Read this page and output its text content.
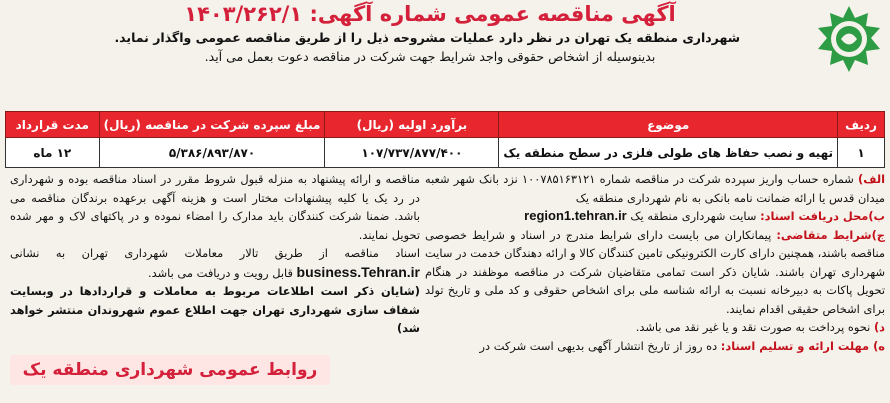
آگهی مناقصه عمومی شماره آگهی: ۱۴۰۳/۲۶۲/۱
شهرداری منطقه یک تهران در نظر دارد عملیات مشروحه ذیل را از طریق مناقصه عمومی واگذار نماید.
بدینوسیله از اشخاص حقوقی واجد شرایط جهت شرکت در مناقصه دعوت بعمل می آید.
ردیف	موضوع	برآورد اولیه (ریال)	مبلغ سپرده شرکت در مناقصه (ریال)	مدت قرارداد
۱	تهیه و نصب حفاظ های طولی فلزی در سطح منطقه یک	۱۰۷/۷۳۷/۸۷۷/۴۰۰	۵/۳۸۶/۸۹۳/۸۷۰	۱۲ ماه

الف) شماره حساب واریز سپرده شرکت در مناقصه شماره ۱۰۰۷۸۵۱۶۳۱۲۱ نزد بانک شهر شعبه میدان قدس یا ارائه ضمانت نامه بانکی به نام شهرداری منطقه یک

ب)محل دریافت اسناد: سایت شهرداری منطقه یک region1.tehran.ir

ج)شرایط متقاضی: پیمانکاران می بایست دارای شرایط مندرج در اسناد و شرایط خصوصی مناقصه باشند، همچنین دارای کارت الکترونیکی تامین کنندگان کالا و ارائه دهندگان خدمت در سایت شهرداری تهران باشند. شایان ذکر است تمامی متقاضیان شرکت در مناقصه موظفند در هنگام تحویل پاکات به دبیرخانه نسبت به ارائه شناسه ملی برای اشخاص حقوقی و کد ملی و تاریخ تولد برای اشخاص حقیقی اقدام نمایند.

د) نحوه پرداخت به صورت نقد و یا غیر نقد می باشد.

ه) مهلت ارائه و تسلیم اسناد: ده روز از تاریخ انتشار آگهی بدیهی است شرکت در

مناقصه و ارائه پیشنهاد به منزله قبول شروط مقرر در اسناد مناقصه بوده و شهرداری در رد یک یا کلیه پیشنهادات مختار است و هزینه آگهی برعهده برندگان مناقصه می باشد. ضمنا شرکت کنندگان باید مدارک را امضاء نموده و در پاکتهای لاک و مهر شده تحویل نمایند.

اسناد مناقصه از طریق تالار معاملات شهرداری تهران به نشانی business.Tehran.ir قابل رویت و دریافت می باشد.

(شایان ذکر است اطلاعات مربوط به معاملات و قراردادها در وبسایت شفاف سازی شهرداری تهران جهت اطلاع عموم شهروندان منتشر خواهد شد)

روابط عمومی شهرداری منطقه یک
